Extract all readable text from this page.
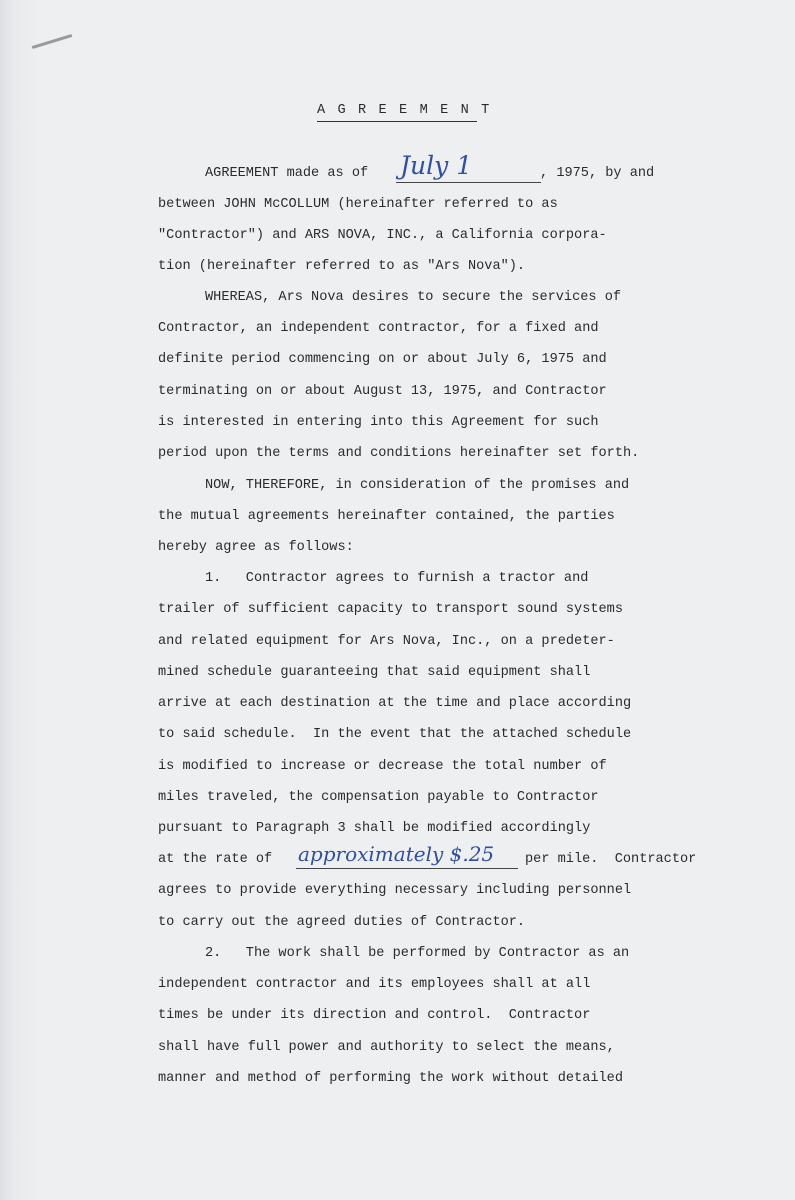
A G R E E M E N T
AGREEMENT made as of	, 1975, by and
between JOHN McCOLLUM (hereinafter referred to as
"Contractor") and ARS NOVA, INC., a California corpora-
tion (hereinafter referred to as "Ars Nova").
WHEREAS, Ars Nova desires to secure the services of
Contractor, an independent contractor, for a fixed and
definite period commencing on or about July 6, 1975 and
terminating on or about August 13, 1975, and Contractor
is interested in entering into this Agreement for such
period upon the terms and conditions hereinafter set forth.
NOW, THEREFORE, in consideration of the promises and
the mutual agreements hereinafter contained, the parties
hereby agree as follows:
1.   Contractor agrees to furnish a tractor and
trailer of sufficient capacity to transport sound systems
and related equipment for Ars Nova, Inc., on a predeter-
mined schedule guaranteeing that said equipment shall
arrive at each destination at the time and place according
to said schedule.  In the event that the attached schedule
is modified to increase or decrease the total number of
miles traveled, the compensation payable to Contractor
pursuant to Paragraph 3 shall be modified accordingly
at the rate of	per mile.  Contractor
agrees to provide everything necessary including personnel
to carry out the agreed duties of Contractor.
2.   The work shall be performed by Contractor as an
independent contractor and its employees shall at all
times be under its direction and control.  Contractor
shall have full power and authority to select the means,
manner and method of performing the work without detailed
July 1
approximately $.25
